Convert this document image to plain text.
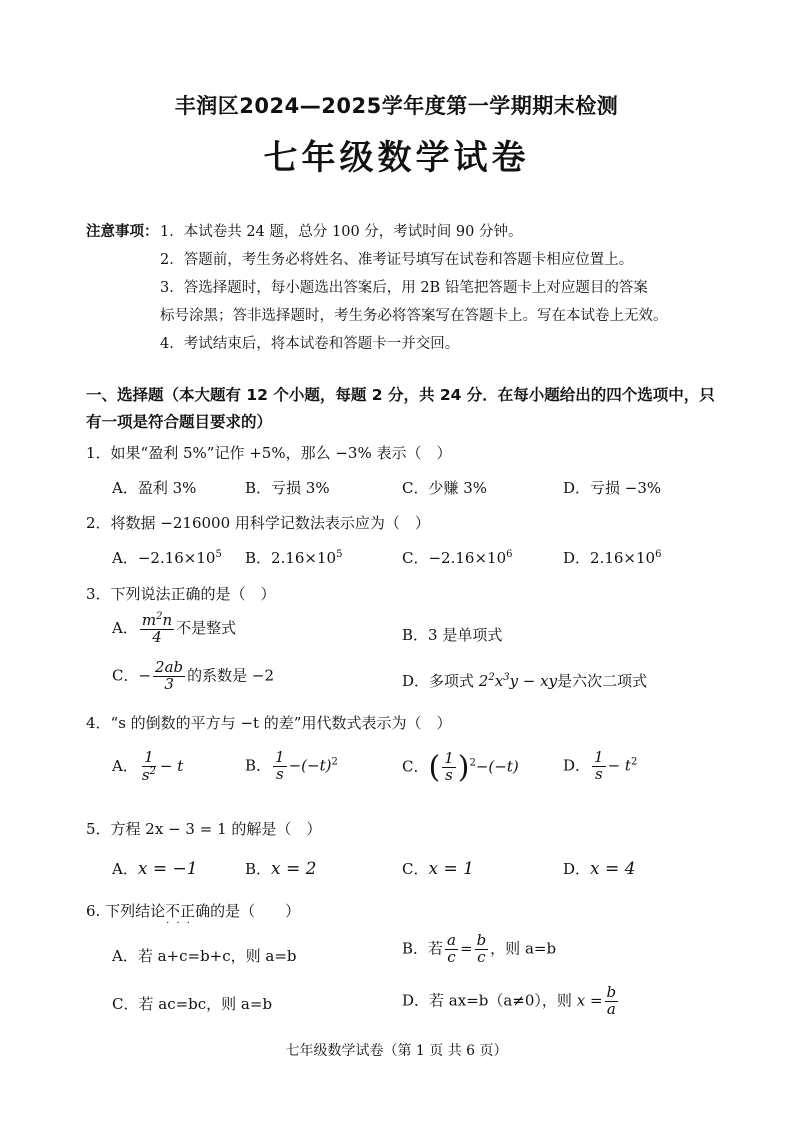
丰润区2024—2025学年度第一学期期末检测
七年级数学试卷
注意事项： 1．本试卷共 24 题，总分 100 分，考试时间 90 分钟。
2．答题前，考生务必将姓名、准考证号填写在试卷和答题卡相应位置上。
3．答选择题时，每小题选出答案后，用 2B 铅笔把答题卡上对应题目的答案
标号涂黑；答非选择题时，考生务必将答案写在答题卡上。写在本试卷上无效。
4．考试结束后，将本试卷和答题卡一并交回。
一、选择题（本大题有 12 个小题，每题 2 分，共 24 分．在每小题给出的四个选项中，只
有一项是符合题目要求的）
1．如果“盈利 5%”记作 +5%，那么 −3% 表示（　）
A．盈利 3%	B．亏损 3%	C．少赚 3%	D．亏损 −3%
2．将数据 −216000 用科学记数法表示应为（　）
A．$-2.16\times 10^5$ B．$2.16\times 10^5$	C．$-2.16\times 10^6$	D．$2.16\times 10^6$
3．下列说法正确的是（　）
A． $\frac{m^2n}{4}$ 不是整式	B．3 是单项式
C．− $\frac{2ab}{3}$ 的系数是 −2	D．多项式 $2^2x^3y$ − xy是六次二项式
4．“s 的倒数的平方与 −t 的差”用代数式表示为（　）
A． $\frac{1}{s^2} - t$	B． $\frac{1}{s} -(-t)^2$	C．( $\frac{1}{s} )^2-(-t)$	D． $\frac{1}{s} - t^2$
5．方程 2x − 3 = 1 的解是（　）
A．x = −1	B．x = 2	C．x = 1	D．x = 4
6. 下列结论不正确 · · ·的是（　　）
A．若 a+c=b+c，则 a=b	B．若 $\frac{a}{c} = \frac{b}{c}$ ，则 a=b
C．若 ac=bc，则 a=b	D．若 ax=b（a≠0），则 $x = \frac{b}{a}$
七年级数学试卷（第 1 页 共 6 页）
